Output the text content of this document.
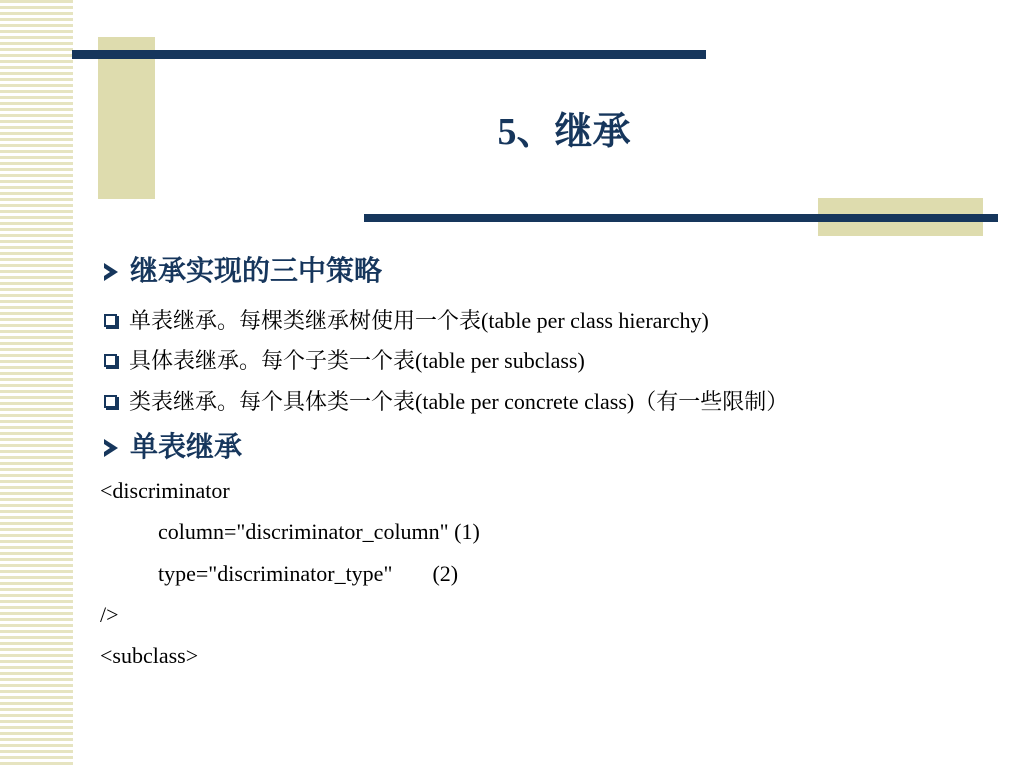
5、继承
继承实现的三中策略
单表继承。每棵类继承树使用一个表(table per class hierarchy)
具体表继承。每个子类一个表(table per subclass)
类表继承。每个具体类一个表(table per concrete class)（有一些限制）
单表继承
<discriminator
column="discriminator_column" (1)
type="discriminator_type" (2)
/>
<subclass>
